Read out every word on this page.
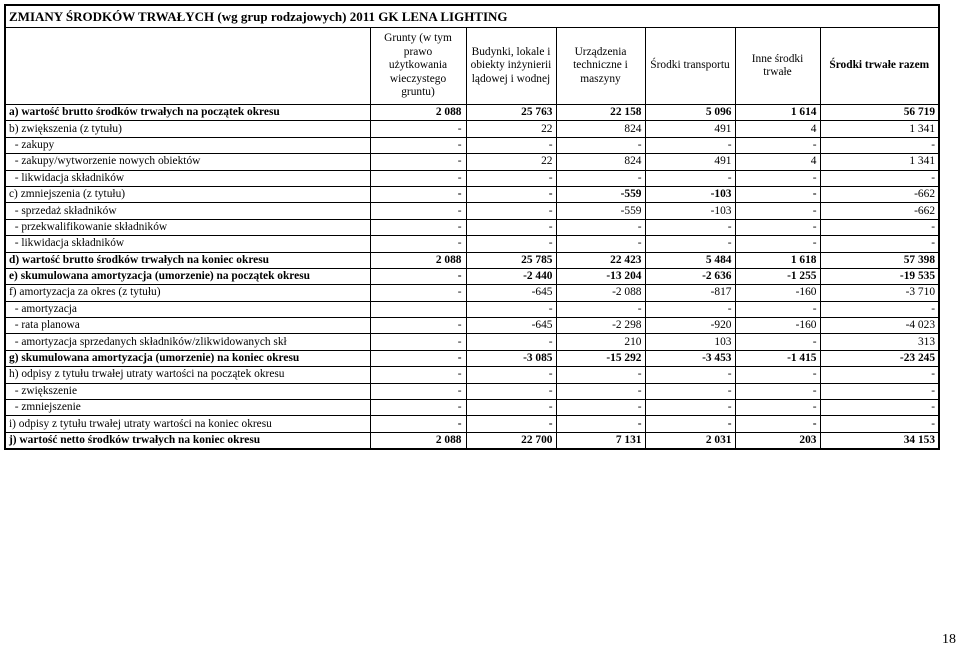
ZMIANY ŚRODKÓW TRWAŁYCH (wg grup rodzajowych) 2011 GK LENA LIGHTING						
	Grunty (w tym prawo użytkowania wieczystego gruntu)	Budynki, lokale i obiekty inżynierii lądowej i wodnej	Urządzenia techniczne i maszyny	Środki transportu	Inne środki trwałe	Środki trwałe razem
a) wartość brutto środków trwałych na początek okresu	2 088	25 763	22 158	5 096	1 614	56 719
b) zwiększenia (z tytułu)	-	22	824	491	4	1 341
- zakupy	-	-	-	-	-	-
- zakupy/wytworzenie nowych obiektów	-	22	824	491	4	1 341
- likwidacja składników	-	-	-	-	-	-
c) zmniejszenia (z tytułu)	-	-	-559	-103	-	-662
- sprzedaż składników	-	-	-559	-103	-	-662
- przekwalifikowanie składników	-	-	-	-	-	-
- likwidacja składników	-	-	-	-	-	-
d) wartość brutto środków trwałych na koniec okresu	2 088	25 785	22 423	5 484	1 618	57 398
e) skumulowana amortyzacja (umorzenie) na początek okresu	-	-2 440	-13 204	-2 636	-1 255	-19 535
f) amortyzacja za okres (z tytułu)	-	-645	-2 088	-817	-160	-3 710
- amortyzacja		-	-	-	-	-
- rata planowa	-	-645	-2 298	-920	-160	-4 023
- amortyzacja sprzedanych składników/zlikwidowanych skł	-	-	210	103	-	313
g) skumulowana amortyzacja (umorzenie) na koniec okresu	-	-3 085	-15 292	-3 453	-1 415	-23 245
h) odpisy z tytułu trwałej utraty wartości na początek okresu	-	-	-	-	-	-
- zwiększenie	-	-	-	-	-	-
- zmniejszenie	-	-	-	-	-	-
i) odpisy z tytułu trwałej utraty wartości na koniec okresu	-	-	-	-	-	-
j) wartość netto środków trwałych na koniec okresu	2 088	22 700	7 131	2 031	203	34 153
18
